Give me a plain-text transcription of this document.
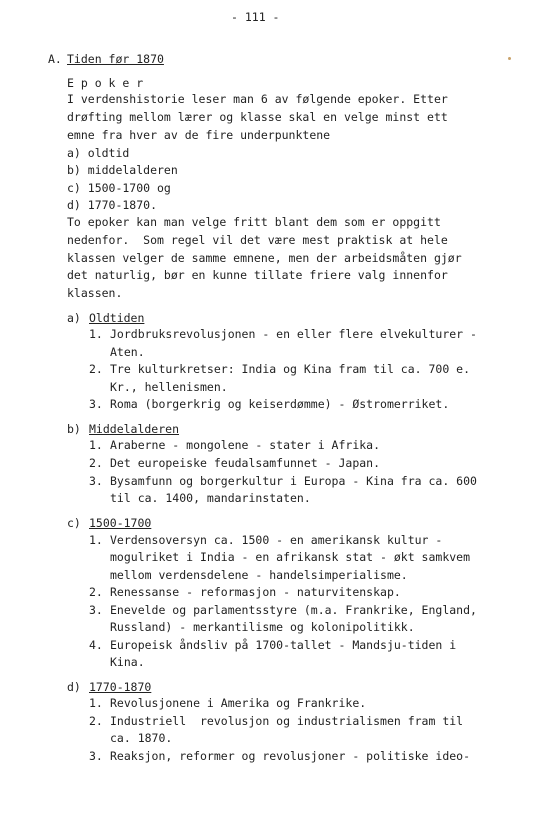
- 111 -
A. Tiden før 1870
E p o k e r
I verdenshistorie leser man 6 av følgende epoker. Etter
drøfting mellom lærer og klasse skal en velge minst ett
emne fra hver av de fire underpunktene
a) oldtid
b) middelalderen
c) 1500-1700 og
d) 1770-1870.
To epoker kan man velge fritt blant dem som er oppgitt
nedenfor.  Som regel vil det være mest praktisk at hele
klassen velger de samme emnene, men der arbeidsmåten gjør
det naturlig, bør en kunne tillate friere valg innenfor
klassen.
a) Oldtiden
1. Jordbruksrevolusjonen - en eller flere elvekulturer -
Aten.
2. Tre kulturkretser: India og Kina fram til ca. 700 e.
Kr., hellenismen.
3. Roma (borgerkrig og keiserdømme) - Østromerriket.
b) Middelalderen
1. Araberne - mongolene - stater i Afrika.
2. Det europeiske feudalsamfunnet - Japan.
3. Bysamfunn og borgerkultur i Europa - Kina fra ca. 600
til ca. 1400, mandarinstaten.
c) 1500-1700
1. Verdensoversyn ca. 1500 - en amerikansk kultur -
mogulriket i India - en afrikansk stat - økt samkvem
mellom verdensdelene - handelsimperialisme.
2. Renessanse - reformasjon - naturvitenskap.
3. Enevelde og parlamentsstyre (m.a. Frankrike, England,
Russland) - merkantilisme og kolonipolitikk.
4. Europeisk åndsliv på 1700-tallet - Mandsju-tiden i
Kina.
d) 1770-1870
1. Revolusjonene i Amerika og Frankrike.
2. Industriell  revolusjon og industrialismen fram til
ca. 1870.
3. Reaksjon, reformer og revolusjoner - politiske ideo-
